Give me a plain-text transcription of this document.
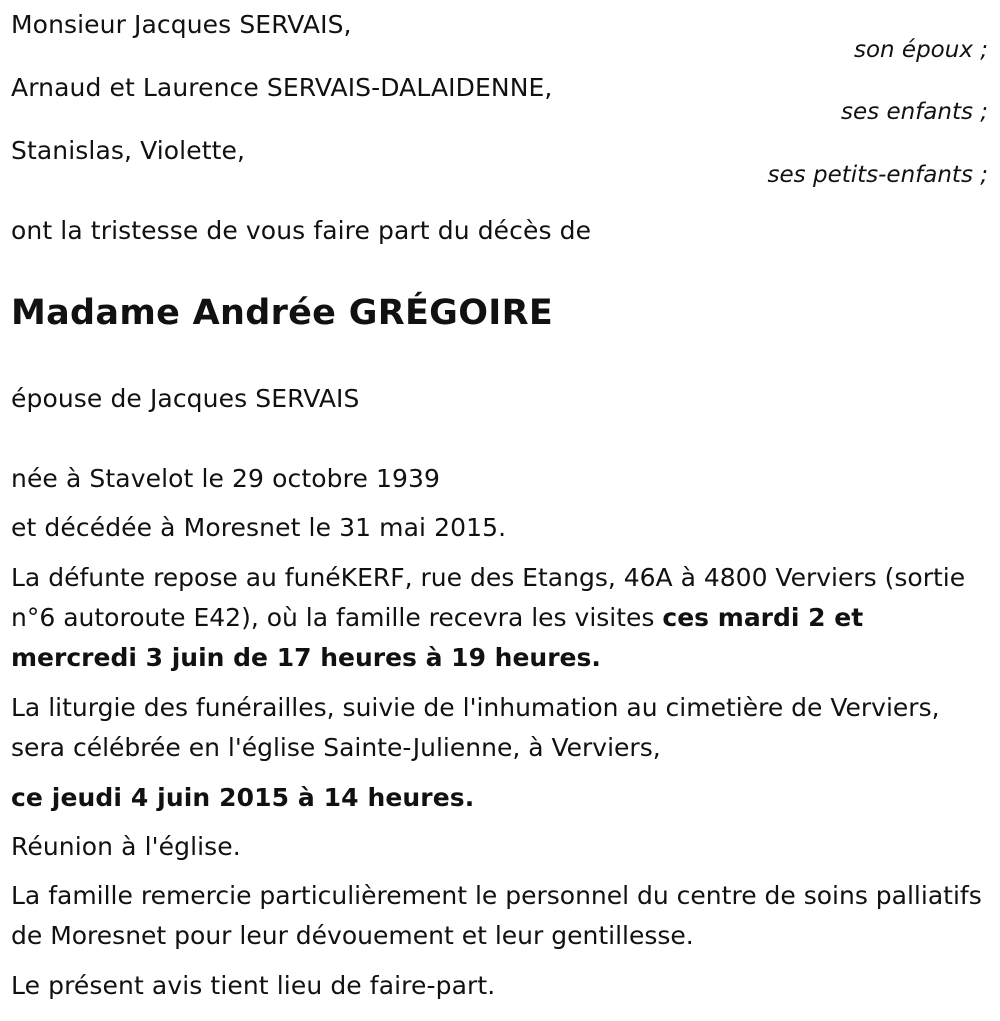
Monsieur Jacques SERVAIS,
son époux ;
Arnaud et Laurence SERVAIS-DALAIDENNE,
ses enfants ;
Stanislas, Violette,
ses petits-enfants ;
ont la tristesse de vous faire part du décès de
Madame Andrée GRÉGOIRE
épouse de Jacques SERVAIS
née à Stavelot le 29 octobre 1939
et décédée à Moresnet le 31 mai 2015.
La défunte repose au funéKERF, rue des Etangs, 46A à 4800 Verviers (sortie n°6 autoroute E42), où la famille recevra les visites ces mardi 2 et mercredi 3 juin de 17 heures à 19 heures.
La liturgie des funérailles, suivie de l'inhumation au cimetière de Verviers, sera célébrée en l'église Sainte-Julienne, à Verviers,
ce jeudi 4 juin 2015 à 14 heures.
Réunion à l'église.
La famille remercie particulièrement le personnel du centre de soins palliatifs de Moresnet pour leur dévouement et leur gentillesse.
Le présent avis tient lieu de faire-part.
